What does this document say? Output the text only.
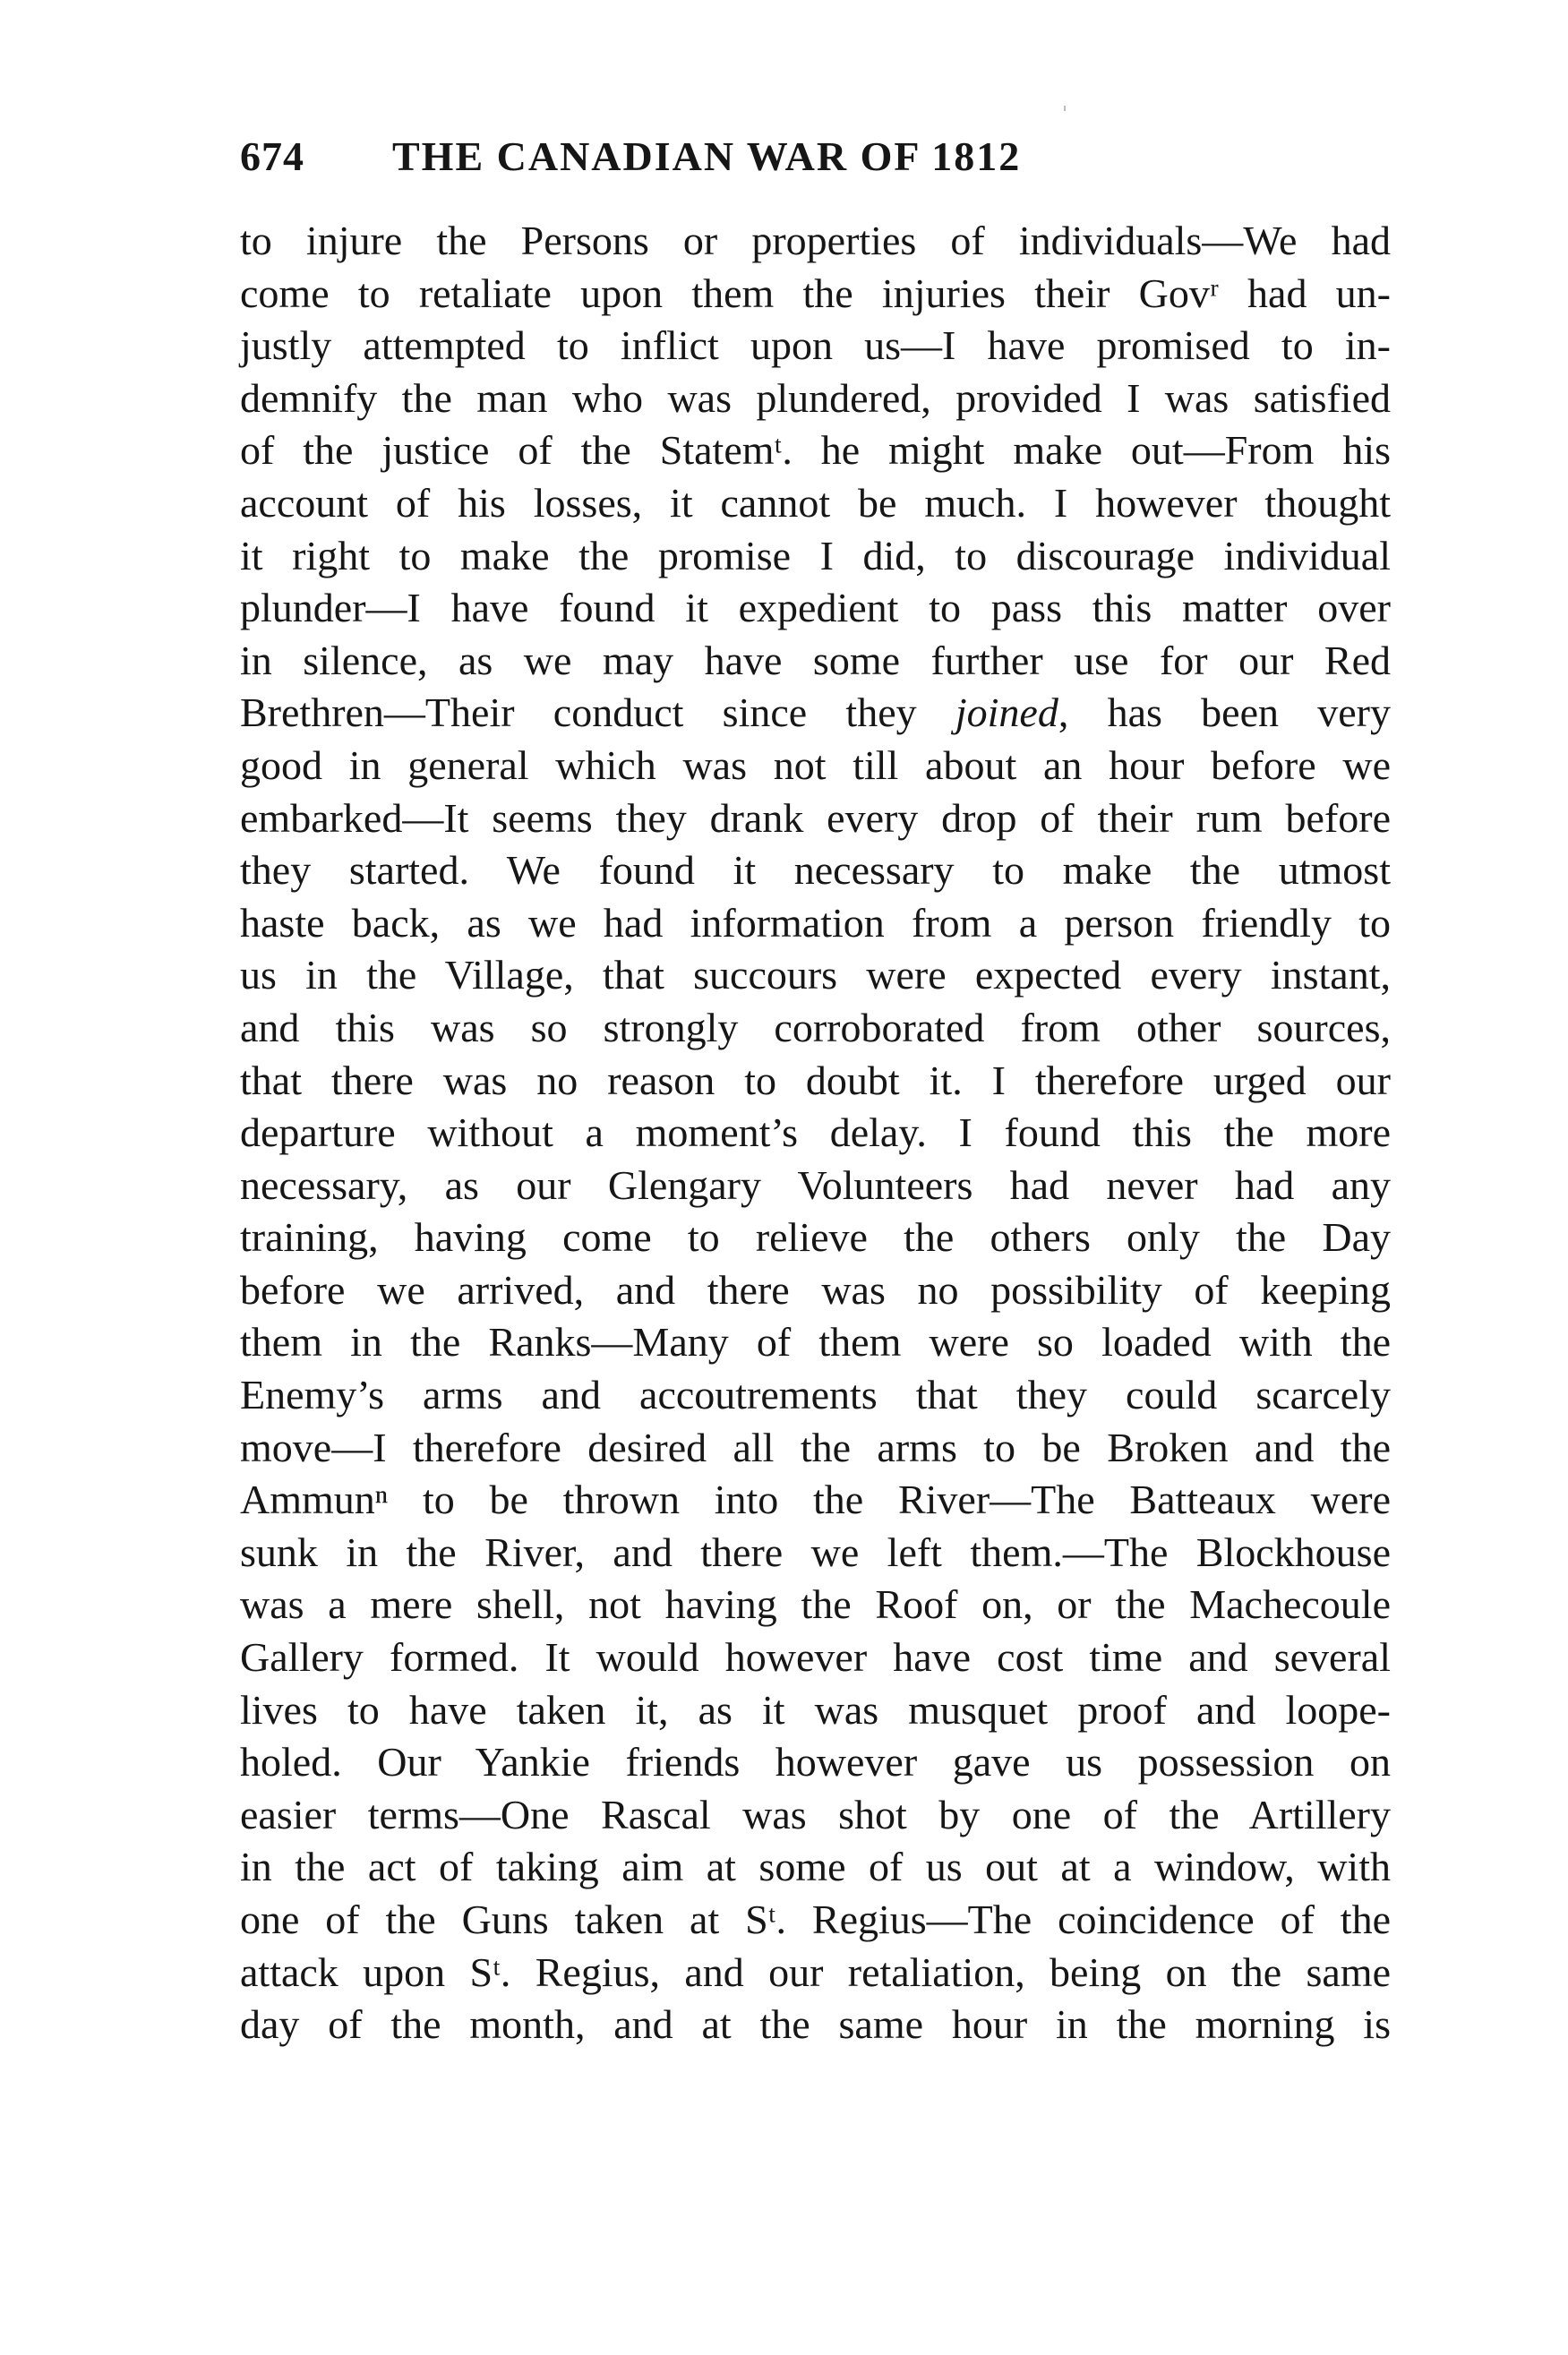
674 THE CANADIAN WAR OF 1812
to injure the Persons or properties of individuals—We had
come to retaliate upon them the injuries their Govʳ had un-
justly attempted to inflict upon us—I have promised to in-
demnify the man who was plundered, provided I was satisfied
of the justice of the Statemᵗ. he might make out—From his
account of his losses, it cannot be much. I however thought
it right to make the promise I did, to discourage individual
plunder—I have found it expedient to pass this matter over
in silence, as we may have some further use for our Red
Brethren—Their conduct since they joined, has been very
good in general which was not till about an hour before we
embarked—It seems they drank every drop of their rum before
they started. We found it necessary to make the utmost
haste back, as we had information from a person friendly to
us in the Village, that succours were expected every instant,
and this was so strongly corroborated from other sources,
that there was no reason to doubt it. I therefore urged our
departure without a moment’s delay. I found this the more
necessary, as our Glengary Volunteers had never had any
training, having come to relieve the others only the Day
before we arrived, and there was no possibility of keeping
them in the Ranks—Many of them were so loaded with the
Enemy’s arms and accoutrements that they could scarcely
move—I therefore desired all the arms to be Broken and the
Ammunⁿ to be thrown into the River—The Batteaux were
sunk in the River, and there we left them.—The Blockhouse
was a mere shell, not having the Roof on, or the Machecoule
Gallery formed. It would however have cost time and several
lives to have taken it, as it was musquet proof and loope-
holed. Our Yankie friends however gave us possession on
easier terms—One Rascal was shot by one of the Artillery
in the act of taking aim at some of us out at a window, with
one of the Guns taken at Sᵗ. Regius—The coincidence of the
attack upon Sᵗ. Regius, and our retaliation, being on the same
day of the month, and at the same hour in the morning is
